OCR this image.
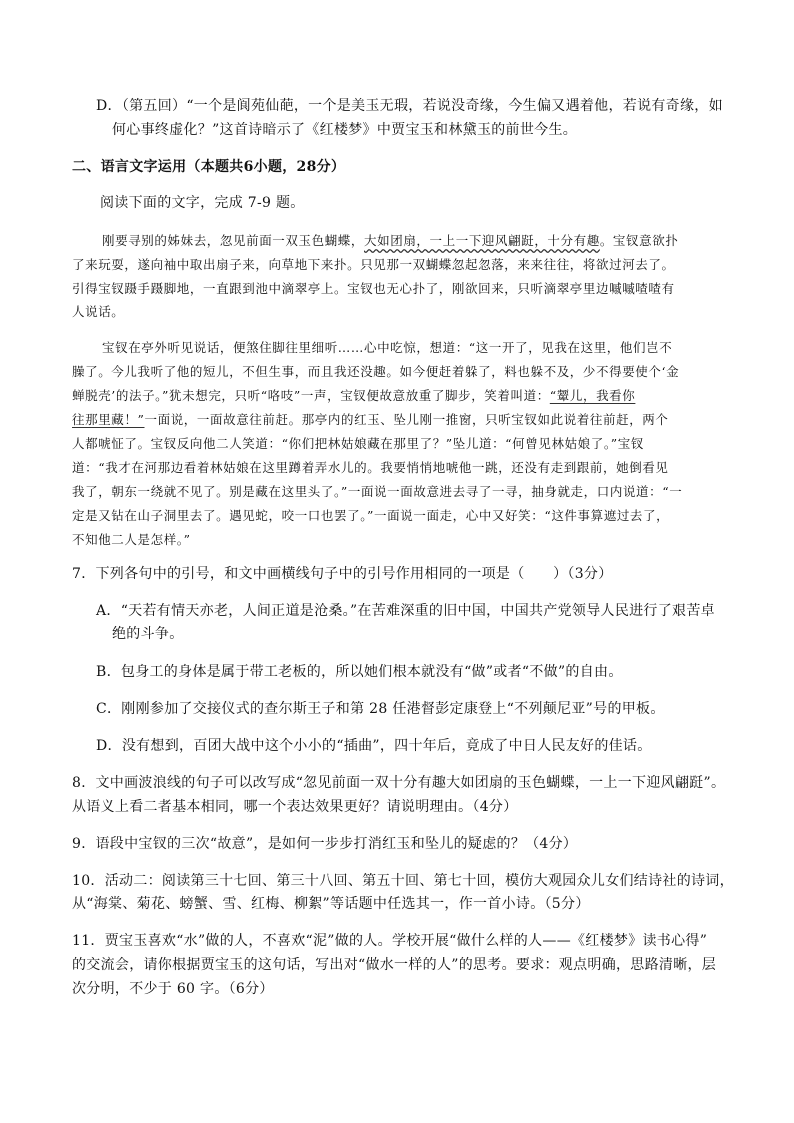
D．（第五回）“一个是阆苑仙葩，一个是美玉无瑕，若说没奇缘，今生偏又遇着他，若说有奇缘，如
何心事终虚化？”这首诗暗示了《红楼梦》中贾宝玉和林黛玉的前世今生。
二、语言文字运用（本题共6小题，28分）
阅读下面的文字，完成 7-9 题。
刚要寻别的姊妹去，忽见前面一双玉色蝴蝶，大如团扇，一上一下迎风翩跹，十分有趣。宝钗意欲扑
了来玩耍，遂向袖中取出扇子来，向草地下来扑。只见那一双蝴蝶忽起忽落，来来往往，将欲过河去了。
引得宝钗蹑手蹑脚地，一直跟到池中滴翠亭上。宝钗也无心扑了，刚欲回来，只听滴翠亭里边嘁嘁喳喳有
人说话。
宝钗在亭外听见说话，便煞住脚往里细听……心中吃惊，想道：“这一开了，见我在这里，他们岂不
臊了。今儿我听了他的短儿，不但生事，而且我还没趣。如今便赶着躲了，料也躲不及，少不得要使个‘金
蝉脱壳’的法子。”犹未想完，只听“咯吱”一声，宝钗便故意放重了脚步，笑着叫道：“颦儿，我看你
往那里藏！”一面说，一面故意往前赶。那亭内的红玉、坠儿刚一推窗，只听宝钗如此说着往前赶，两个
人都唬怔了。宝钗反向他二人笑道：“你们把林姑娘藏在那里了？”坠儿道：“何曾见林姑娘了。”宝钗
道：“我才在河那边看着林姑娘在这里蹲着弄水儿的。我要悄悄地唬他一跳，还没有走到跟前，她倒看见
我了，朝东一绕就不见了。别是藏在这里头了。”一面说一面故意进去寻了一寻，抽身就走，口内说道：“一
定是又钻在山子洞里去了。遇见蛇，咬一口也罢了。”一面说一面走，心中又好笑：“这件事算遮过去了，
不知他二人是怎样。”
7．下列各句中的引号，和文中画横线句子中的引号作用相同的一项是（　　）（3分）
A．“天若有情天亦老，人间正道是沧桑。”在苦难深重的旧中国，中国共产党领导人民进行了艰苦卓
绝的斗争。
B．包身工的身体是属于带工老板的，所以她们根本就没有“做”或者“不做”的自由。
C．刚刚参加了交接仪式的查尔斯王子和第 28 任港督彭定康登上“不列颠尼亚”号的甲板。
D．没有想到，百团大战中这个小小的“插曲”，四十年后，竟成了中日人民友好的佳话。
8．文中画波浪线的句子可以改写成“忽见前面一双十分有趣大如团扇的玉色蝴蝶，一上一下迎风翩跹”。
从语义上看二者基本相同，哪一个表达效果更好？请说明理由。（4分）
9．语段中宝钗的三次“故意”，是如何一步步打消红玉和坠儿的疑虑的？（4分）
10．活动二：阅读第三十七回、第三十八回、第五十回、第七十回，模仿大观园众儿女们结诗社的诗词，
从“海棠、菊花、螃蟹、雪、红梅、柳絮”等话题中任选其一，作一首小诗。（5分）
11．贾宝玉喜欢“水”做的人，不喜欢“泥”做的人。学校开展“做什么样的人——《红楼梦》读书心得”
的交流会，请你根据贾宝玉的这句话，写出对“做水一样的人”的思考。要求：观点明确，思路清晰，层
次分明，不少于 60 字。（6分）
